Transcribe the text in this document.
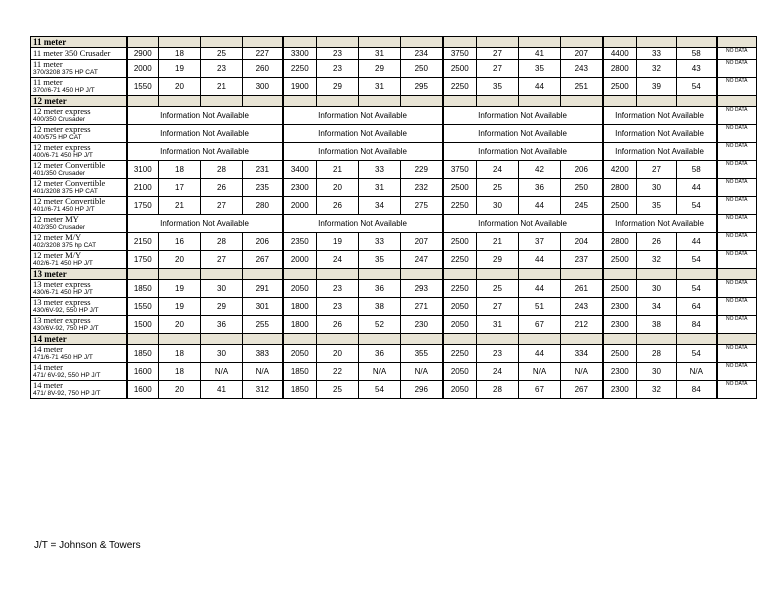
11 meter																

11 meter 350 Crusader	2900	18	25	227	3300	23	31	234	3750	27	41	207	4400	33	58	NO DATA

11 meter
370/3208 375 HP CAT	2000	19	23	260	2250	23	29	250	2500	27	35	243	2800	32	43	NO DATA

11 meter
370//6-71 450 HP J/T	1550	20	21	300	1900	29	31	295	2250	35	44	251	2500	39	54	NO DATA
12 meter																

12 meter express
400/350 Crusader	Information Not Available				Information Not Available				Information Not Available				Information Not Available			NO DATA

12 meter express
400/575 HP CAT	Information Not Available				Information Not Available				Information Not Available				Information Not Available			NO DATA

12 meter express
400/6-71 450 HP J/T	Information Not Available				Information Not Available				Information Not Available				Information Not Available			NO DATA

12 meter Convertible
401/350 Crusader	3100	18	28	231	3400	21	33	229	3750	24	42	206	4200	27	58	NO DATA

12 meter Convertible
401/3208 375 HP CAT	2100	17	26	235	2300	20	31	232	2500	25	36	250	2800	30	44	NO DATA

12 meter Convertible
401//6-71 450 HP J/T	1750	21	27	280	2000	26	34	275	2250	30	44	245	2500	35	54	NO DATA

12 meter MY
402/350 Crusader	Information Not Available				Information Not Available				Information Not Available				Information Not Available			NO DATA

12 meter M/Y
402/3208 375 hp CAT	2150	16	28	206	2350	19	33	207	2500	21	37	204	2800	26	44	NO DATA

12 meter M/Y
402/6-71 450 HP J/T	1750	20	27	267	2000	24	35	247	2250	29	44	237	2500	32	54	NO DATA
13 meter																

13 meter express
430/6-71 450 HP J/T	1850	19	30	291	2050	23	36	293	2250	25	44	261	2500	30	54	NO DATA

13 meter express
430/6V-92, 550 HP J/T	1550	19	29	301	1800	23	38	271	2050	27	51	243	2300	34	64	NO DATA

13 meter express
430/6V-92, 750 HP J/T	1500	20	36	255	1800	26	52	230	2050	31	67	212	2300	38	84	NO DATA
14 meter																

14 meter
471/6-71 450 HP J/T	1850	18	30	383	2050	20	36	355	2250	23	44	334	2500	28	54	NO DATA

14 meter
471/ 6V-92, 550 HP J/T	1600	18	N/A	N/A	1850	22	N/A	N/A	2050	24	N/A	N/A	2300	30	N/A	NO DATA

14 meter
471/ 8V-92, 750 HP J/T	1600	20	41	312	1850	25	54	296	2050	28	67	267	2300	32	84	NO DATA
J/T = Johnson & Towers
